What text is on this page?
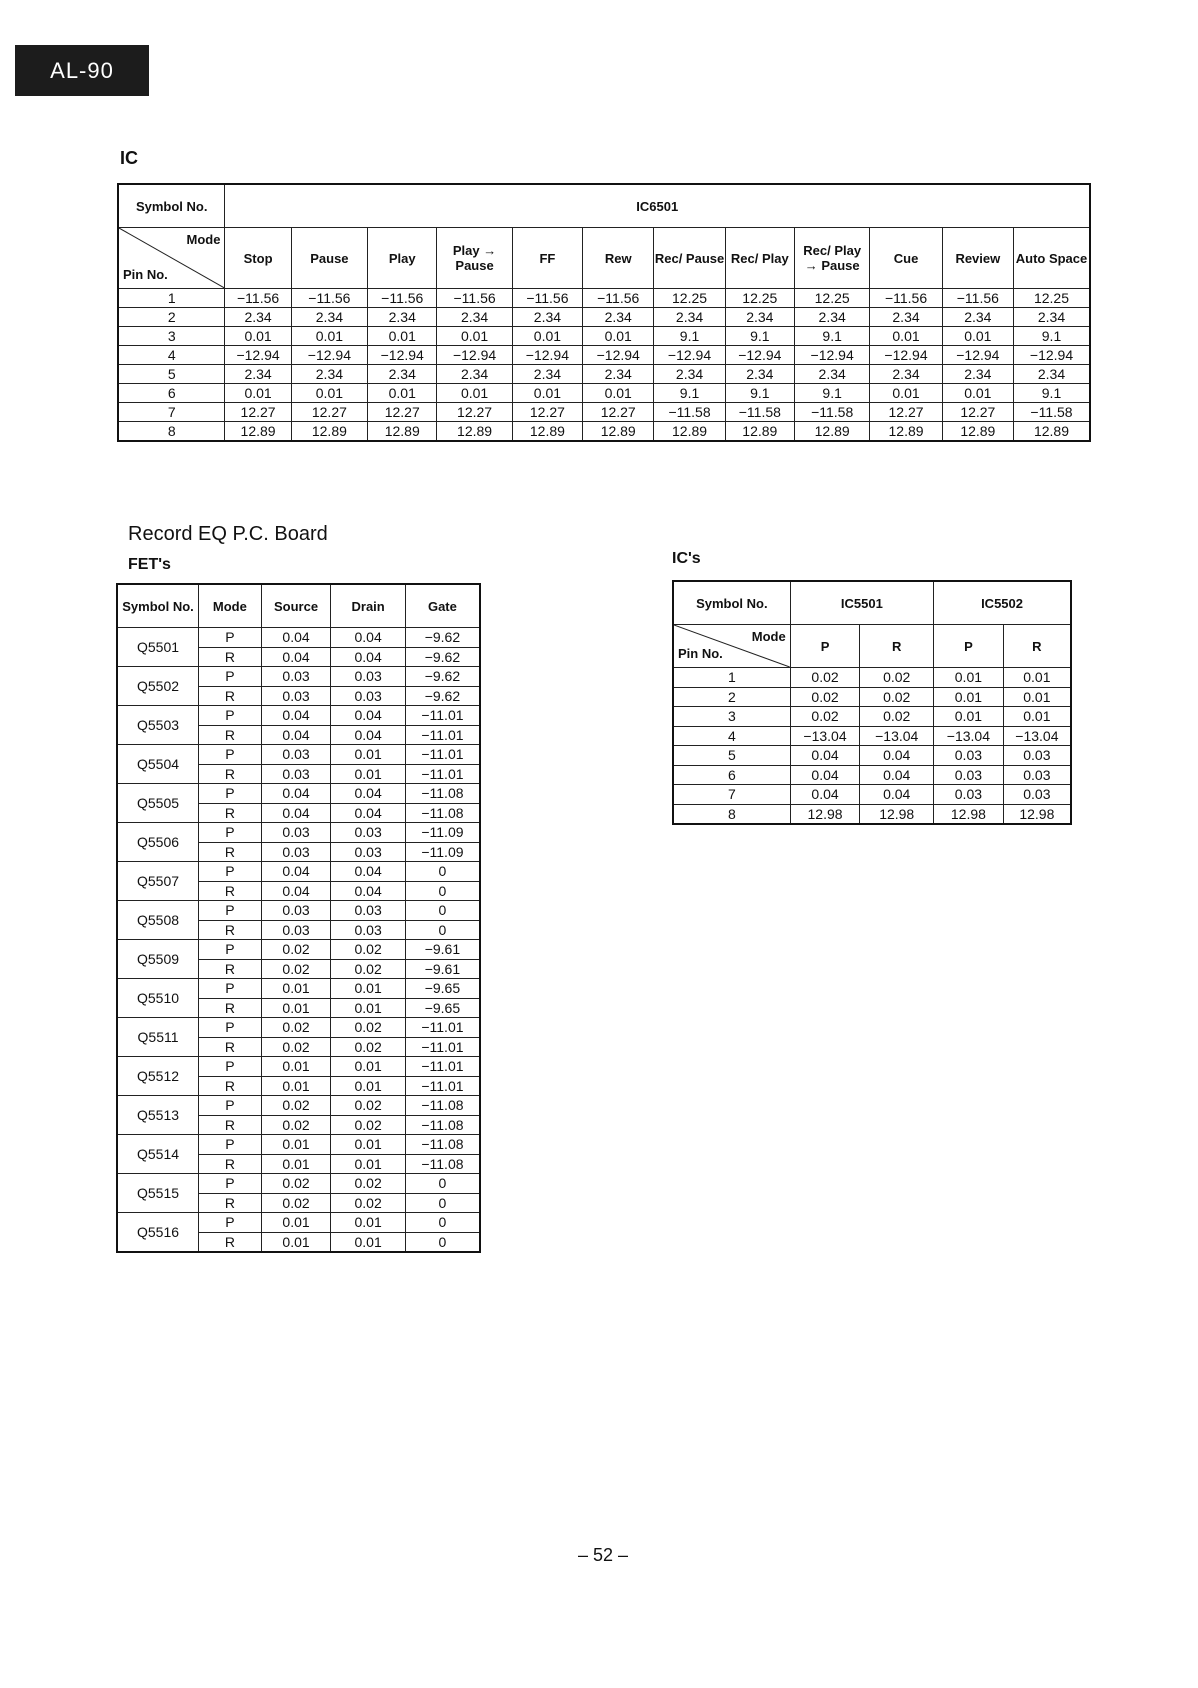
AL-90
IC
Symbol No.	IC6501											

Mode
Pin No.	Stop	Pause	Play	Play → Pause	FF	Rew	Rec/ Pause	Rec/ Play	Rec/ Play → Pause	Cue	Review	Auto Space
1	−11.56	−11.56	−11.56	−11.56	−11.56	−11.56	12.25	12.25	12.25	−11.56	−11.56	12.25
2	2.34	2.34	2.34	2.34	2.34	2.34	2.34	2.34	2.34	2.34	2.34	2.34
3	0.01	0.01	0.01	0.01	0.01	0.01	9.1	9.1	9.1	0.01	0.01	9.1
4	−12.94	−12.94	−12.94	−12.94	−12.94	−12.94	−12.94	−12.94	−12.94	−12.94	−12.94	−12.94
5	2.34	2.34	2.34	2.34	2.34	2.34	2.34	2.34	2.34	2.34	2.34	2.34
6	0.01	0.01	0.01	0.01	0.01	0.01	9.1	9.1	9.1	0.01	0.01	9.1
7	12.27	12.27	12.27	12.27	12.27	12.27	−11.58	−11.58	−11.58	12.27	12.27	−11.58
8	12.89	12.89	12.89	12.89	12.89	12.89	12.89	12.89	12.89	12.89	12.89	12.89
Record EQ P.C. Board
FET's	IC's
Symbol No.	Mode	Source	Drain	Gate
Q5501	P	0.04	0.04	−9.62
	R	0.04	0.04	−9.62
Q5502	P	0.03	0.03	−9.62
	R	0.03	0.03	−9.62
Q5503	P	0.04	0.04	−11.01
	R	0.04	0.04	−11.01
Q5504	P	0.03	0.01	−11.01
	R	0.03	0.01	−11.01
Q5505	P	0.04	0.04	−11.08
	R	0.04	0.04	−11.08
Q5506	P	0.03	0.03	−11.09
	R	0.03	0.03	−11.09
Q5507	P	0.04	0.04	0
	R	0.04	0.04	0
Q5508	P	0.03	0.03	0
	R	0.03	0.03	0
Q5509	P	0.02	0.02	−9.61
	R	0.02	0.02	−9.61
Q5510	P	0.01	0.01	−9.65
	R	0.01	0.01	−9.65
Q5511	P	0.02	0.02	−11.01
	R	0.02	0.02	−11.01
Q5512	P	0.01	0.01	−11.01
	R	0.01	0.01	−11.01
Q5513	P	0.02	0.02	−11.08
	R	0.02	0.02	−11.08
Q5514	P	0.01	0.01	−11.08
	R	0.01	0.01	−11.08
Q5515	P	0.02	0.02	0
	R	0.02	0.02	0
Q5516	P	0.01	0.01	0
	R	0.01	0.01	0
Symbol No.	IC5501		IC5502	

Mode
Pin No.	P	R	P	R
1	0.02	0.02	0.01	0.01
2	0.02	0.02	0.01	0.01
3	0.02	0.02	0.01	0.01
4	−13.04	−13.04	−13.04	−13.04
5	0.04	0.04	0.03	0.03
6	0.04	0.04	0.03	0.03
7	0.04	0.04	0.03	0.03
8	12.98	12.98	12.98	12.98
– 52 –
